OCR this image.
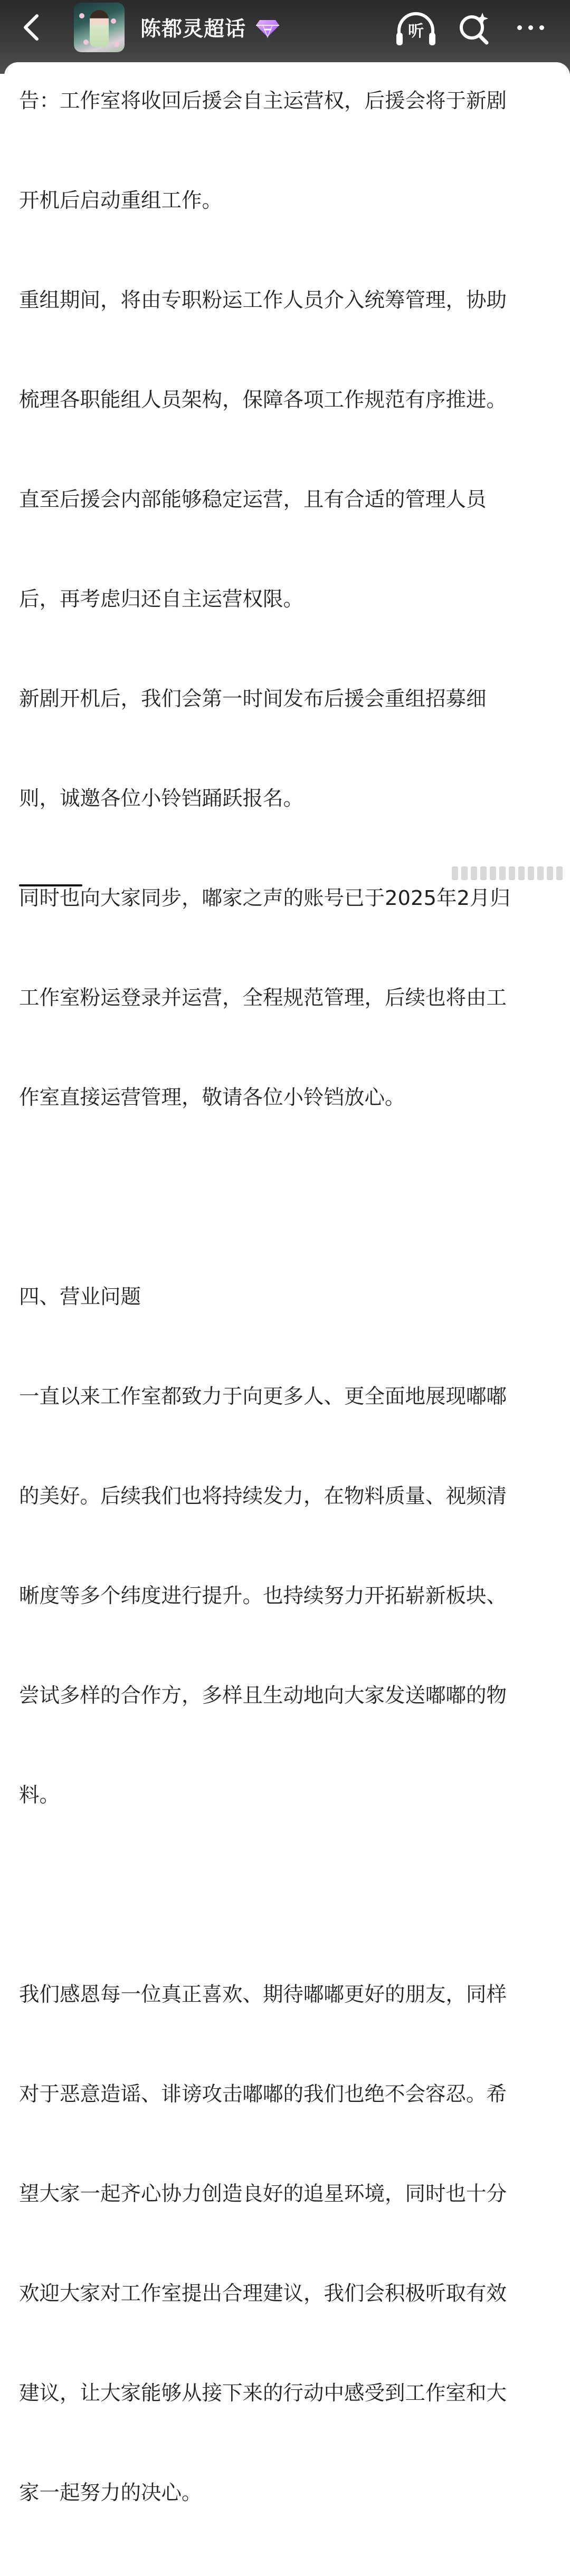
陈都灵超话	听

告：工作室将收回后援会自主运营权，后援会将于新剧

开机后启动重组工作。

重组期间，将由专职粉运工作人员介入统筹管理，协助

梳理各职能组人员架构，保障各项工作规范有序推进。

直至后援会内部能够稳定运营，且有合适的管理人员

后，再考虑归还自主运营权限。

新剧开机后，我们会第一时间发布后援会重组招募细

则，诚邀各位小铃铛踊跃报名。

同时也向大家同步，嘟家之声的账号已于2025年2月归

工作室粉运登录并运营，全程规范管理，后续也将由工

作室直接运营管理，敬请各位小铃铛放心。

四、营业问题

一直以来工作室都致力于向更多人、更全面地展现嘟嘟

的美好。后续我们也将持续发力，在物料质量、视频清

晰度等多个纬度进行提升。也持续努力开拓崭新板块、

尝试多样的合作方，多样且生动地向大家发送嘟嘟的物

料。

我们感恩每一位真正喜欢、期待嘟嘟更好的朋友，同样

对于恶意造谣、诽谤攻击嘟嘟的我们也绝不会容忍。希

望大家一起齐心协力创造良好的追星环境，同时也十分

欢迎大家对工作室提出合理建议，我们会积极听取有效

建议，让大家能够从接下来的行动中感受到工作室和大

家一起努力的决心。
